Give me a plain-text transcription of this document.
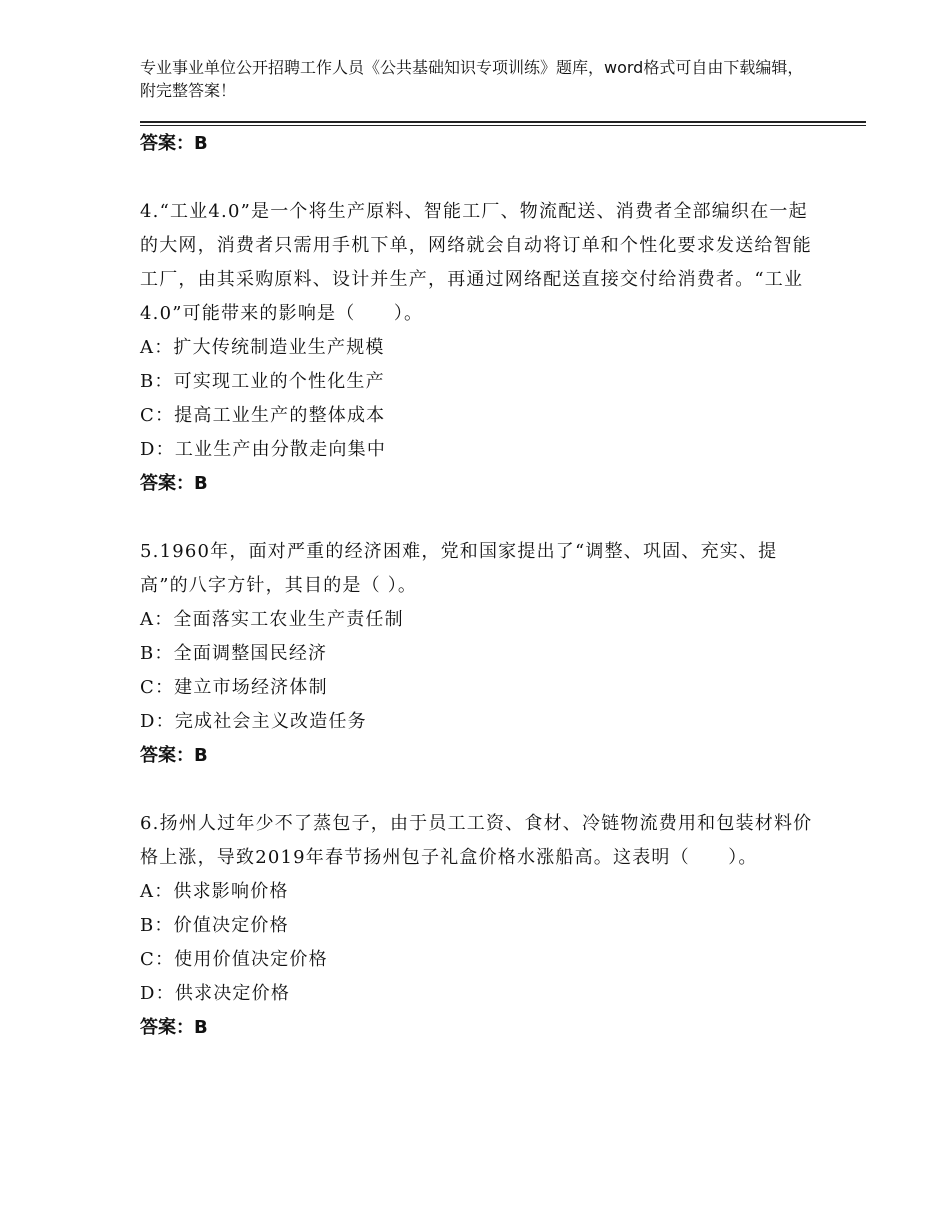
专业事业单位公开招聘工作人员《公共基础知识专项训练》题库，word格式可自由下载编辑，附完整答案！
答案：B
4.“工业4.0”是一个将生产原料、智能工厂、物流配送、消费者全部编织在一起的大网，消费者只需用手机下单，网络就会自动将订单和个性化要求发送给智能工厂，由其采购原料、设计并生产，再通过网络配送直接交付给消费者。“工业4.0”可能带来的影响是（　　）。
A：扩大传统制造业生产规模
B：可实现工业的个性化生产
C：提高工业生产的整体成本
D：工业生产由分散走向集中
答案：B
5.1960年，面对严重的经济困难，党和国家提出了“调整、巩固、充实、提高”的八字方针，其目的是（ ）。
A：全面落实工农业生产责任制
B：全面调整国民经济
C：建立市场经济体制
D：完成社会主义改造任务
答案：B
6.扬州人过年少不了蒸包子，由于员工工资、食材、冷链物流费用和包装材料价格上涨，导致2019年春节扬州包子礼盒价格水涨船高。这表明（　　）。
A：供求影响价格
B：价值决定价格
C：使用价值决定价格
D：供求决定价格
答案：B
